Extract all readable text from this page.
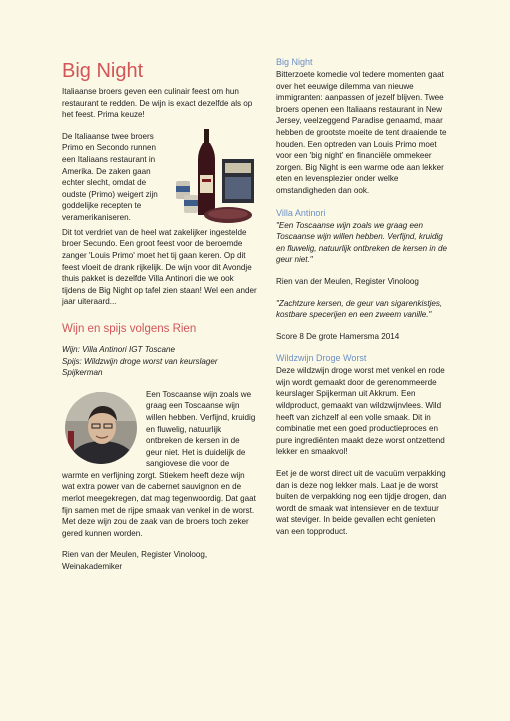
Big Night

Italiaanse broers geven een culinair feest om hun restaurant te redden. De wijn is exact dezelfde als op het feest. Prima keuze!

De Italiaanse twee broers Primo en Secondo runnen een Italiaans restaurant in Amerika. De zaken gaan echter slecht, omdat de oudste (Primo) weigert zijn goddelijke recepten te veramerikaniseren.

Dit tot verdriet van de heel wat zakelijker ingestelde broer Secundo. Een groot feest voor de beroemde zanger 'Louis Primo' moet het tij gaan keren. Op dit feest vloeit de drank rijkelijk. De wijn voor dit Avondje thuis pakket is dezelfde Villa Antinori die we ook tijdens de Big Night op tafel zien staan! Wel een ander jaar uiteraard...

Wijn en spijs volgens Rien

Wijn: Villa Antinori IGT Toscane

Spijs: Wildzwijn droge worst van keurslager Spijkerman

Een Toscaanse wijn zoals we graag een Toscaanse wijn willen hebben. Verfijnd, kruidig en fluwelig, natuurlijk ontbreken de kersen in de geur niet. Het is duidelijk de sangiovese die voor de warmte en verfijning zorgt. Stiekem heeft deze wijn wat extra power van de cabernet sauvignon en de merlot meegekregen, dat mag tegenwoordig. Dat gaat fijn samen met de rijpe smaak van venkel in de worst. Met deze wijn zou de zaak van de broers toch zeker gered kunnen worden.

Rien van der Meulen, Register Vinoloog,
Weinakademiker

Big Night

Bitterzoete komedie vol tedere momenten gaat over het eeuwige dilemma van nieuwe immigranten: aanpassen of jezelf blijven. Twee broers openen een Italiaans restaurant in New Jersey, veelzeggend Paradise genaamd, maar hebben de grootste moeite de tent draaiende te houden. Een optreden van Louis Primo moet voor een 'big night' en financiële ommekeer zorgen. Big Night is een warme ode aan lekker eten en levensplezier onder welke omstandigheden dan ook.

Villa Antinori

"Een Toscaanse wijn zoals we graag een Toscaanse wijn willen hebben. Verfijnd, kruidig en fluwelig, natuurlijk ontbreken de kersen in de geur niet."

Rien van der Meulen, Register Vinoloog

"Zachtzure kersen, de geur van sigarenkistjes, kostbare specerijen en een zweem vanille."

Score 8 De grote Hamersma 2014

Wildzwijn Droge Worst

Deze wildzwijn droge worst met venkel en rode wijn wordt gemaakt door de gerenommeerde keurslager Spijkerman uit Akkrum. Een wildproduct, gemaakt van wildzwijnvlees. Wild heeft van zichzelf al een volle smaak. Dit in combinatie met een goed productieproces en pure ingrediënten maakt deze worst ontzettend lekker en smaakvol!

Eet je de worst direct uit de vacuüm verpakking dan is deze nog lekker mals. Laat je de worst buiten de verpakking nog een tijdje drogen, dan wordt de smaak wat intensiever en de textuur wat steviger. In beide gevallen echt genieten van een topproduct.
